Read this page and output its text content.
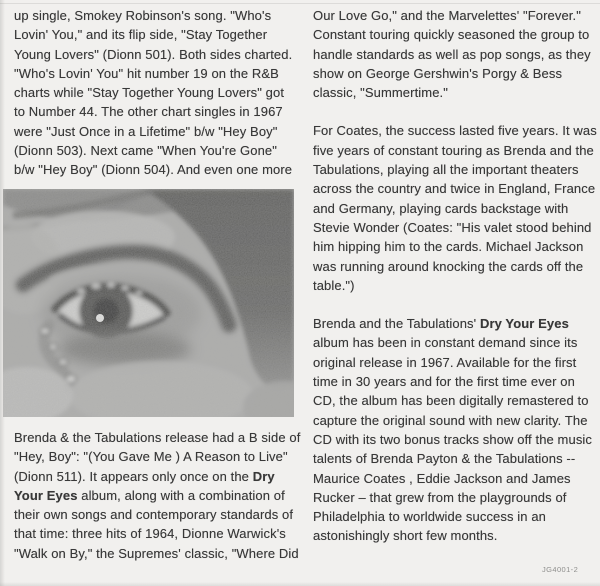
up single, Smokey Robinson's song. "Who's
Lovin' You," and its flip side, "Stay Together
Young Lovers" (Dionn 501). Both sides charted.
"Who's Lovin' You" hit number 19 on the R&B
charts while "Stay Together Young Lovers" got
to Number 44. The other chart singles in 1967
were "Just Once in a Lifetime" b/w "Hey Boy"
(Dionn 503). Next came "When You're Gone"
b/w "Hey Boy" (Dionn 504). And even one more
Brenda & the Tabulations release had a B side of
"Hey, Boy": "(You Gave Me ) A Reason to Live"
(Dionn 511). It appears only once on the Dry
Your Eyes album, along with a combination of
their own songs and contemporary standards of
that time: three hits of 1964, Dionne Warwick's
"Walk on By," the Supremes' classic, "Where Did
Our Love Go," and the Marvelettes' "Forever."
Constant touring quickly seasoned the group to
handle standards as well as pop songs, as they
show on George Gershwin's Porgy & Bess
classic, "Summertime."
For Coates, the success lasted five years. It was
five years of constant touring as Brenda and the
Tabulations, playing all the important theaters
across the country and twice in England, France
and Germany, playing cards backstage with
Stevie Wonder (Coates: "His valet stood behind
him hipping him to the cards. Michael Jackson
was running around knocking the cards off the
table.")
Brenda and the Tabulations' Dry Your Eyes
album has been in constant demand since its
original release in 1967. Available for the first
time in 30 years and for the first time ever on
CD, the album has been digitally remastered to
capture the original sound with new clarity. The
CD with its two bonus tracks show off the music
talents of Brenda Payton & the Tabulations --
Maurice Coates , Eddie Jackson and James
Rucker – that grew from the playgrounds of
Philadelphia to worldwide success in an
astonishingly short few months.
JG4001-2
